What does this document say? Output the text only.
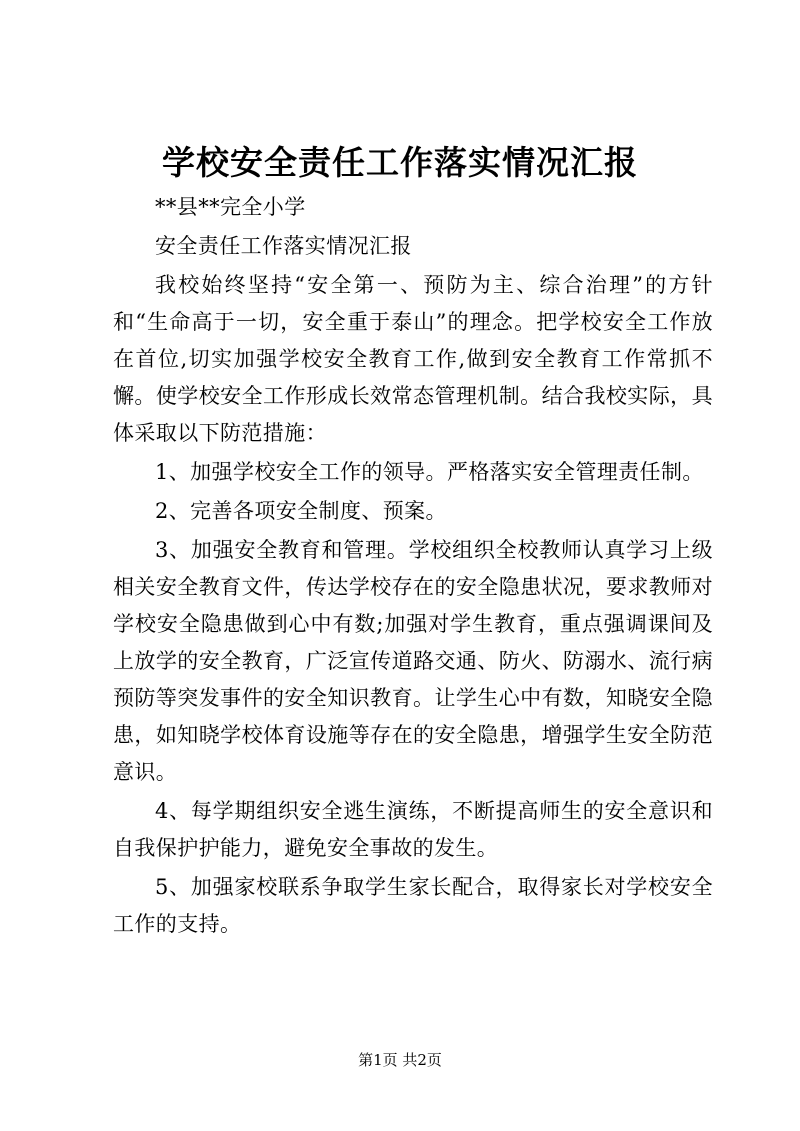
学校安全责任工作落实情况汇报

**县**完全小学

安全责任工作落实情况汇报

我校始终坚持“安全第一、预防为主、综合治理”的方针和“生命高于一切，安全重于泰山”的理念。把学校安全工作放在首位,切实加强学校安全教育工作,做到安全教育工作常抓不懈。使学校安全工作形成长效常态管理机制。结合我校实际，具体采取以下防范措施：

1、加强学校安全工作的领导。严格落实安全管理责任制。

2、完善各项安全制度、预案。

3、加强安全教育和管理。学校组织全校教师认真学习上级相关安全教育文件，传达学校存在的安全隐患状况，要求教师对学校安全隐患做到心中有数;加强对学生教育，重点强调课间及上放学的安全教育，广泛宣传道路交通、防火、防溺水、流行病预防等突发事件的安全知识教育。让学生心中有数，知晓安全隐患，如知晓学校体育设施等存在的安全隐患，增强学生安全防范意识。

4、每学期组织安全逃生演练，不断提高师生的安全意识和自我保护护能力，避免安全事故的发生。

5、加强家校联系争取学生家长配合，取得家长对学校安全工作的支持。

第1页 共2页
